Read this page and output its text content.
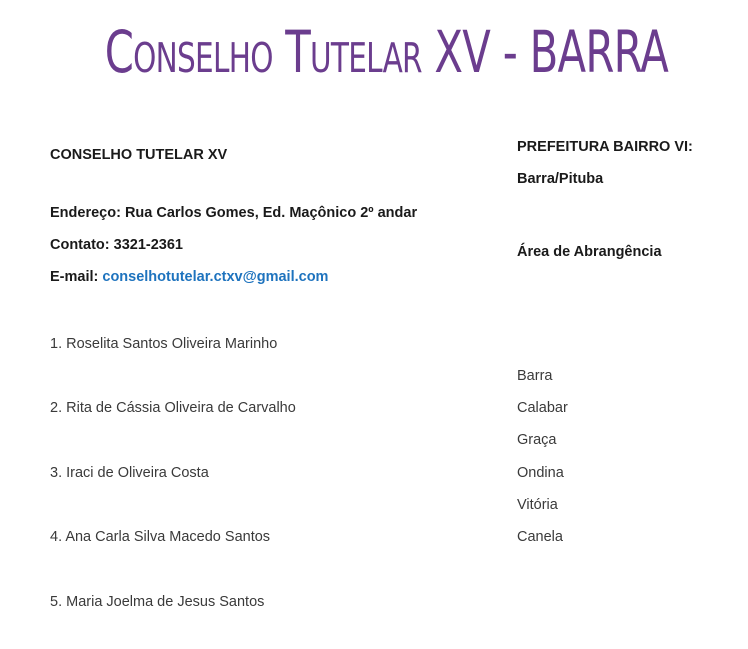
Conselho Tutelar XV - BARRA
CONSELHO TUTELAR XV
Endereço: Rua Carlos Gomes, Ed. Maçônico 2º andar
Contato: 3321-2361
E-mail: conselhotutelar.ctxv@gmail.com
1. Roselita Santos Oliveira Marinho
2. Rita de Cássia Oliveira de Carvalho
3. Iraci de Oliveira Costa
4. Ana Carla Silva Macedo Santos
5. Maria Joelma de Jesus Santos
PREFEITURA BAIRRO VI:
Barra/Pituba
Área de Abrangência
Barra
Calabar
Graça
Ondina
Vitória
Canela
